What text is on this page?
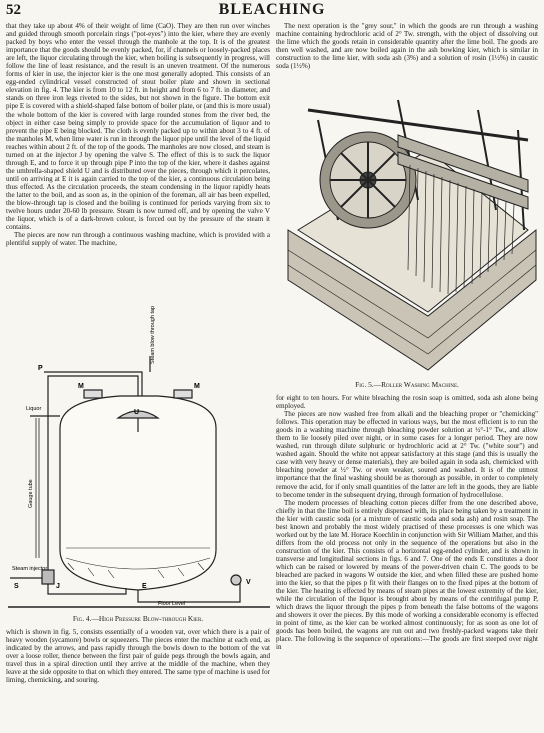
52	BLEACHING

that they take up about 4% of their weight of lime (CaO). They are then run over winches and guided through smooth porcelain rings ("pot-eyes") into the kier, where they are evenly packed by boys who enter the vessel through the manhole at the top. It is of the greatest importance that the goods should be evenly packed, for, if channels or loosely-packed places are left, the liquor circulating through the kier, when boiling is subsequently in progress, will follow the line of least resistance, and the result is an uneven treatment. Of the numerous forms of kier in use, the injector kier is the one most generally adopted. This consists of an egg-ended cylindrical vessel constructed of stout boiler plate and shown in sectional elevation in fig. 4. The kier is from 10 to 12 ft. in height and from 6 to 7 ft. in diameter, and stands on three iron legs riveted to the sides, but not shown in the figure. The bottom exit pipe E is covered with a shield-shaped false bottom of boiler plate, or (and this is more usual) the whole bottom of the kier is covered with large rounded stones from the river bed, the object in either case being simply to provide space for the accumulation of liquor and to prevent the pipe E being blocked. The cloth is evenly packed up to within about 3 to 4 ft. of the manholes M, when lime water is run in through the liquor pipe until the level of the liquid reaches within about 2 ft. of the top of the goods. The manholes are now closed, and steam is turned on at the injector J by opening the valve S. The effect of this is to suck the liquor through E, and to force it up through pipe P into the top of the kier, where it dashes against the umbrella-shaped shield U and is distributed over the pieces, through which it percolates, until on arriving at E it is again carried to the top of the kier, a continuous circulation being thus effected. As the circulation proceeds, the steam condensing in the liquor rapidly heats the latter to the boil, and as soon as, in the opinion of the foreman, all air has been expelled, the blow-through tap is closed and the boiling is continued for periods varying from six to twelve hours under 20-60 lb pressure. Steam is now turned off, and by opening the valve V the liquor, which is of a dark-brown colour, is forced out by the pressure of the steam it contains.

The pieces are now run through a continuous washing machine, which is provided with a plentiful supply of water. The machine,

Steam blow through tap
Liquor
Gauge tube
Steam injector
Floor Level
P
M	M
U
S	J	E
V
Fig. 4.—High Pressure Blow-through Kier.

which is shown in fig. 5, consists essentially of a wooden vat, over which there is a pair of heavy wooden (sycamore) bowls or squeezers. The pieces enter the machine at each end, as indicated by the arrows, and pass rapidly through the bowls down to the bottom of the vat over a loose roller, thence between the first pair of guide pegs through the bowls again, and travel thus in a spiral direction until they arrive at the middle of the machine, when they leave at the side opposite to that on which they entered. The same type of machine is used for liming, chemicking, and souring.

The next operation is the "grey sour," in which the goods are run through a washing machine containing hydrochloric acid of 2° Tw. strength, with the object of dissolving out the lime which the goods retain in considerable quantity after the lime boil. The goods are then well washed, and are now boiled again in the ash bowking kier, which is similar in construction to the lime kier, with soda ash (3%) and a solution of rosin (1½%) in caustic soda (1½%)

Fig. 5.—Roller Washing Machine.

for eight to ten hours. For white bleaching the rosin soap is omitted, soda ash alone being employed.

The pieces are now washed free from alkali and the bleaching proper or "chemicking" follows. This operation may be effected in various ways, but the most efficient is to run the goods in a washing machine through bleaching powder solution at ½°-1° Tw., and allow them to lie loosely piled over night, or in some cases for a longer period. They are now washed, run through dilute sulphuric or hydrochloric acid at 2° Tw. ("white sour") and washed again. Should the white not appear satisfactory at this stage (and this is usually the case with very heavy or dense materials), they are boiled again in soda ash, chemicked with bleaching powder at ½° Tw. or even weaker, soured and washed. It is of the utmost importance that the final washing should be as thorough as possible, in order to completely remove the acid, for if only small quantities of the latter are left in the goods, they are liable to become tender in the subsequent drying, through formation of hydrocellulose.

The modern processes of bleaching cotton pieces differ from the one described above, chiefly in that the lime boil is entirely dispensed with, its place being taken by a treatment in the kier with caustic soda (or a mixture of caustic soda and soda ash) and rosin soap. The best known and probably the most widely practised of these processes is one which was worked out by the late M. Horace Koechlin in conjunction with Sir William Mather, and this differs from the old process not only in the sequence of the operations but also in the construction of the kier. This consists of a horizontal egg-ended cylinder, and is shown in transverse and longitudinal sections in figs. 6 and 7. One of the ends E constitutes a door which can be raised or lowered by means of the power-driven chain C. The goods to be bleached are packed in wagons W outside the kier, and when filled these are pushed home into the kier, so that the pipes p fit with their flanges on to the fixed pipes at the bottom of the kier. The heating is effected by means of steam pipes at the lowest extremity of the kier, while the circulation of the liquor is brought about by means of the centrifugal pump P, which draws the liquor through the pipes p from beneath the false bottoms of the wagons and showers it over the pieces. By this mode of working a considerable economy is effected in point of time, as the kier can be worked almost continuously; for as soon as one lot of goods has been boiled, the wagons are run out and two freshly-packed wagons take their place. The following is the sequence of operations:—The goods are first steeped over night in
